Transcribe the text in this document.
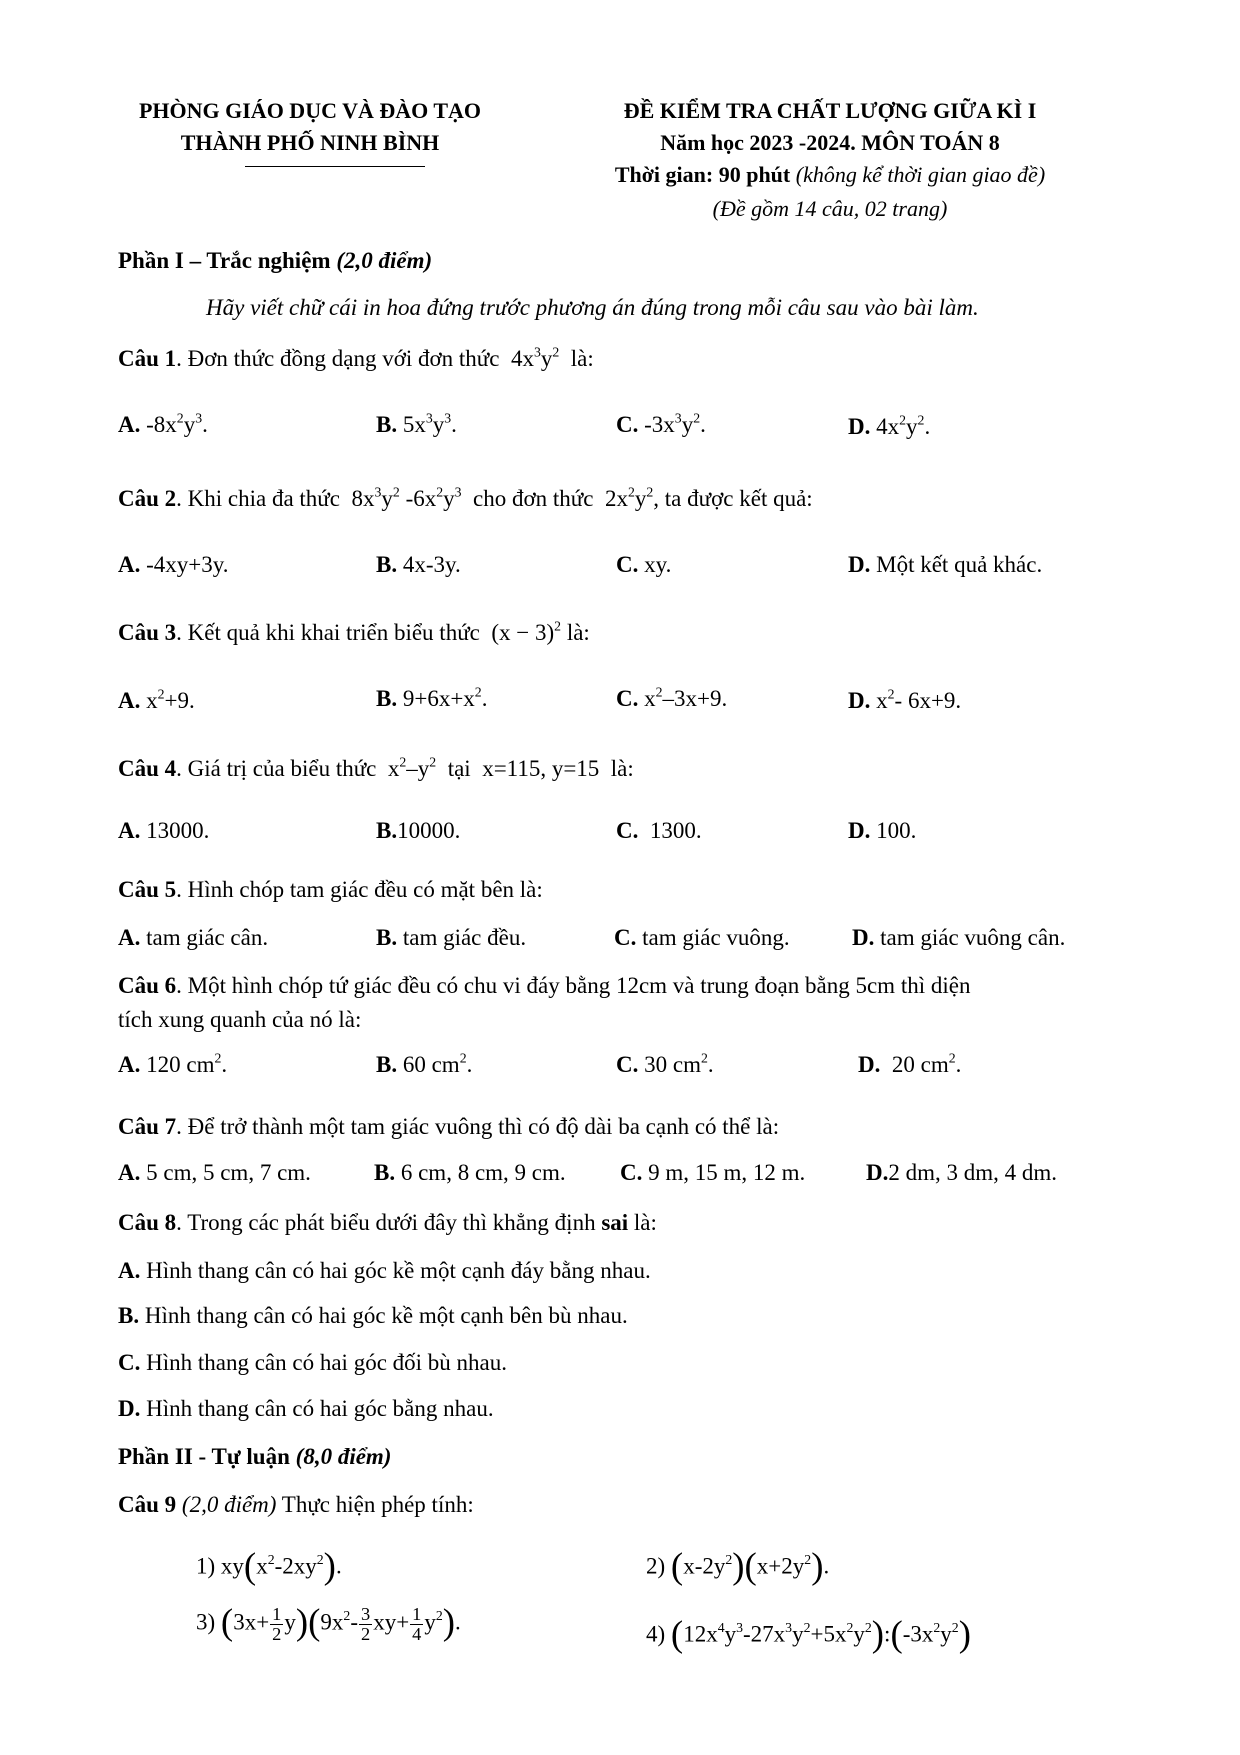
PHÒNG GIÁO DỤC VÀ ĐÀO TẠO
THÀNH PHỐ NINH BÌNH
ĐỀ KIỂM TRA CHẤT LƯỢNG GIỮA KÌ I
Năm học 2023 -2024. MÔN TOÁN 8
Thời gian: 90 phút (không kể thời gian giao đề)
(Đề gồm 14 câu, 02 trang)
Phần I – Trắc nghiệm (2,0 điểm)
Hãy viết chữ cái in hoa đứng trước phương án đúng trong mỗi câu sau vào bài làm.
Câu 1. Đơn thức đồng dạng với đơn thức  $4x^3y^2$ là:
A. $-8x^2y^3$.	B. $5x^3y^3$.	C. $-3x^3y^2$.	D. $4x^2y^2$.
Câu 2. Khi chia đa thức  $8x^3y^2$ $-6x^2y^3$ cho đơn thức  $2x^2y^2$, ta được kết quả:
A. -4xy+3y.	B. 4x-3y.	C. xy.	D. Một kết quả khác.
Câu 3. Kết quả khi khai triển biểu thức  $(x - 3)^2$ là:
A. $x^2+9$.	B. $9+6x+x^2$.	C. $x^2-3x+9$.	D. $x^2-$ 6x+9.
Câu 4. Giá trị của biểu thức  $x^2-y^2$ tại x=115, y=15 là:
A. 13000.	B.10000.	C. 1300.	D. 100.
Câu 5. Hình chóp tam giác đều có mặt bên là:
A. tam giác cân.	B. tam giác đều.	C. tam giác vuông.	D. tam giác vuông cân.
Câu 6. Một hình chóp tứ giác đều có chu vi đáy bằng 12cm và trung đoạn bằng 5cm thì diện
tích xung quanh của nó là:
A. 120 $cm^2$.	B. 60 $cm^2$.	C. 30 $cm^2$.	D. 20 $cm^2$.
Câu 7. Để trở thành một tam giác vuông thì có độ dài ba cạnh có thể là:
A. 5 cm, 5 cm, 7 cm.	B. 6 cm, 8 cm, 9 cm. C. 9 m, 15 m, 12 m.	D.2 dm, 3 dm, 4 dm.
Câu 8. Trong các phát biểu dưới đây thì khẳng định sai là:
A. Hình thang cân có hai góc kề một cạnh đáy bằng nhau.
B. Hình thang cân có hai góc kề một cạnh bên bù nhau.
C. Hình thang cân có hai góc đối bù nhau.
D. Hình thang cân có hai góc bằng nhau.
Phần II - Tự luận (8,0 điểm)
Câu 9 (2,0 điểm) Thực hiện phép tính:
1) $xy(x^2-2xy^2)$.	2) $(x-2y^2)(x+2y^2)$.
3) $(3x+ \frac{1}{2} y)(9x^2- \frac{3}{2} xy+ \frac{1}{4} y^2)$.	4) $(12x^4y^3-27x^3y^2+5x^2y^2):(-3x^2y^2)$
